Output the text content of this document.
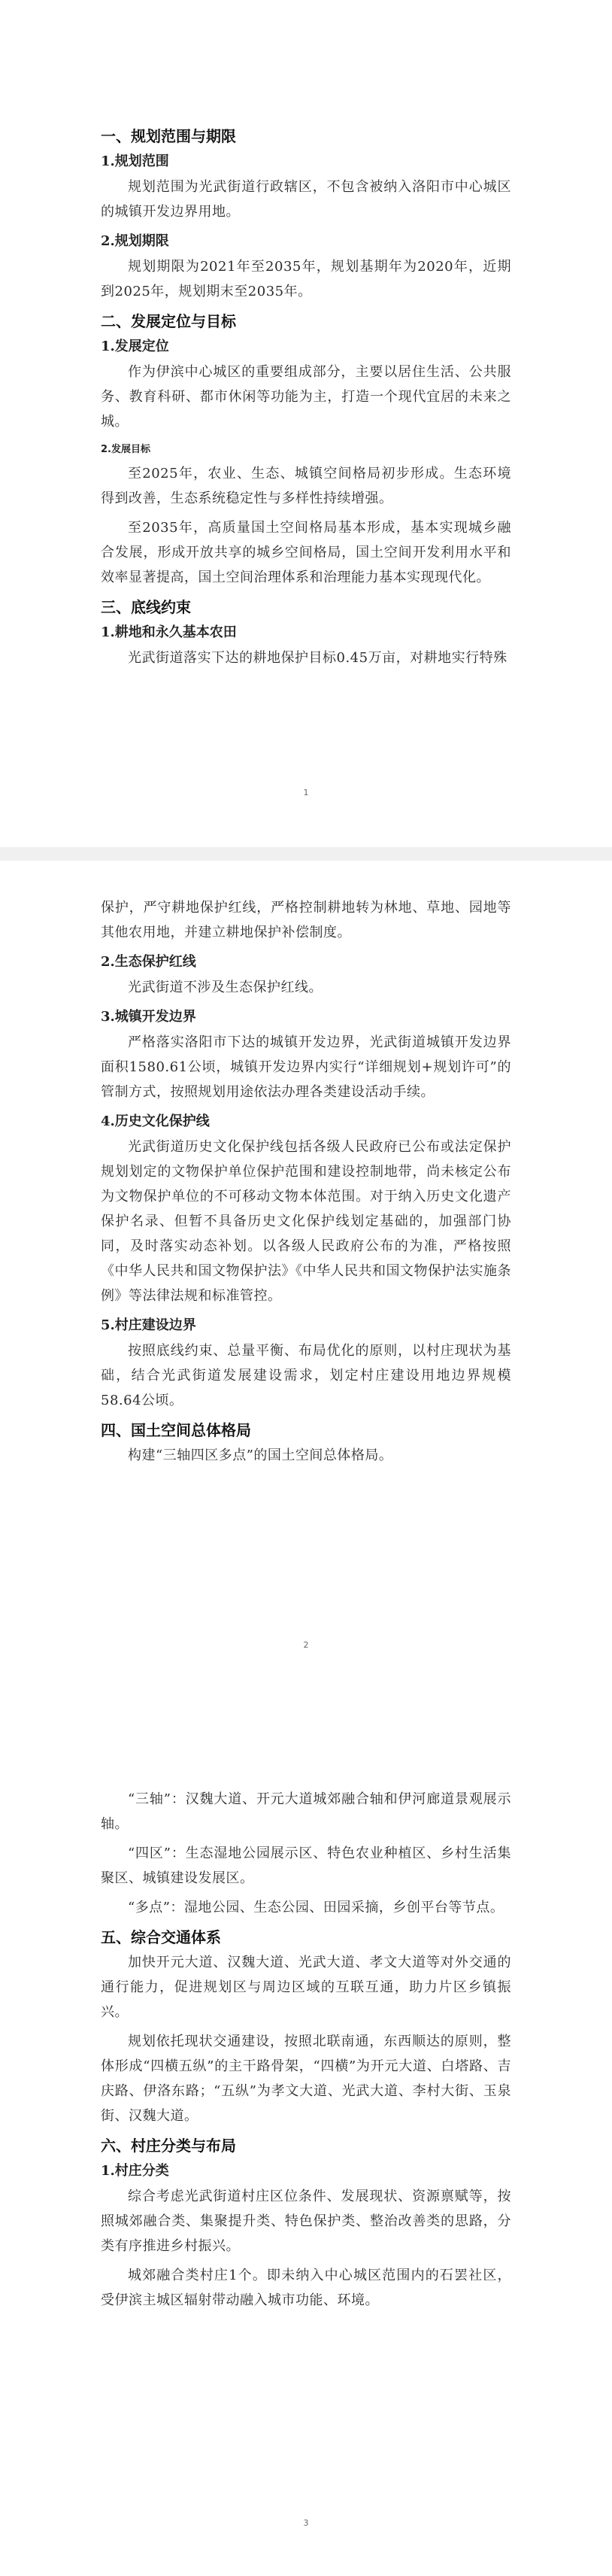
一、规划范围与期限
1.规划范围

规划范围为光武街道行政辖区，不包含被纳入洛阳市中心城区的城镇开发边界用地。

2.规划期限

规划期限为2021年至2035年，规划基期年为2020年，近期到2025年，规划期末至2035年。

二、发展定位与目标
1.发展定位

作为伊滨中心城区的重要组成部分，主要以居住生活、公共服务、教育科研、都市休闲等功能为主，打造一个现代宜居的未来之城。

2.发展目标

至2025年，农业、生态、城镇空间格局初步形成。生态环境得到改善，生态系统稳定性与多样性持续增强。

至2035年，高质量国土空间格局基本形成，基本实现城乡融合发展，形成开放共享的城乡空间格局，国土空间开发利用水平和效率显著提高，国土空间治理体系和治理能力基本实现现代化。

三、底线约束
1.耕地和永久基本农田

光武街道落实下达的耕地保护目标0.45万亩，对耕地实行特殊

1

保护，严守耕地保护红线，严格控制耕地转为林地、草地、园地等其他农用地，并建立耕地保护补偿制度。

2.生态保护红线

光武街道不涉及生态保护红线。

3.城镇开发边界

严格落实洛阳市下达的城镇开发边界，光武街道城镇开发边界面积1580.61公顷，城镇开发边界内实行“详细规划+规划许可”的管制方式，按照规划用途依法办理各类建设活动手续。

4.历史文化保护线

光武街道历史文化保护线包括各级人民政府已公布或法定保护规划划定的文物保护单位保护范围和建设控制地带，尚未核定公布为文物保护单位的不可移动文物本体范围。对于纳入历史文化遗产保护名录、但暂不具备历史文化保护线划定基础的，加强部门协同，及时落实动态补划。以各级人民政府公布的为准，严格按照《中华人民共和国文物保护法》《中华人民共和国文物保护法实施条例》等法律法规和标准管控。

5.村庄建设边界

按照底线约束、总量平衡、布局优化的原则，以村庄现状为基础，结合光武街道发展建设需求，划定村庄建设用地边界规模58.64公顷。

四、国土空间总体格局

构建“三轴四区多点”的国土空间总体格局。

2

“三轴”：汉魏大道、开元大道城郊融合轴和伊河廊道景观展示轴。

“四区”：生态湿地公园展示区、特色农业种植区、乡村生活集聚区、城镇建设发展区。

“多点”：湿地公园、生态公园、田园采摘，乡创平台等节点。

五、综合交通体系

加快开元大道、汉魏大道、光武大道、孝文大道等对外交通的通行能力，促进规划区与周边区域的互联互通，助力片区乡镇振兴。

规划依托现状交通建设，按照北联南通，东西顺达的原则，整体形成“四横五纵”的主干路骨架，“四横”为开元大道、白塔路、吉庆路、伊洛东路；“五纵”为孝文大道、光武大道、李村大街、玉泉街、汉魏大道。

六、村庄分类与布局
1.村庄分类

综合考虑光武街道村庄区位条件、发展现状、资源禀赋等，按照城郊融合类、集聚提升类、特色保护类、整治改善类的思路，分类有序推进乡村振兴。

城郊融合类村庄1个。即未纳入中心城区范围内的石罢社区，受伊滨主城区辐射带动融入城市功能、环境。

3
